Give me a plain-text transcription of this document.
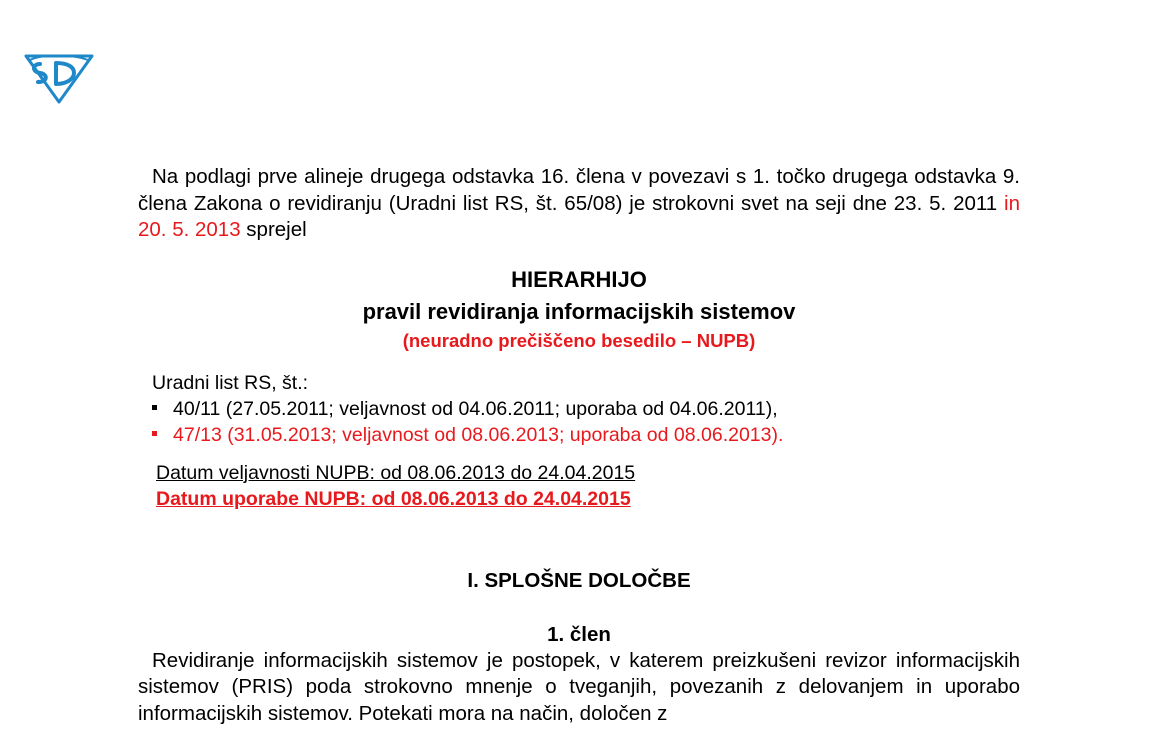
Na podlagi prve alineje drugega odstavka 16. člena v povezavi s 1. točko drugega odstavka 9. člena Zakona o revidiranju (Uradni list RS, št. 65/08) je strokovni svet na seji dne 23. 5. 2011 in 20. 5. 2013 sprejel

HIERARHIJO
pravil revidiranja informacijskih sistemov
(neuradno prečiščeno besedilo – NUPB)
Uradni list RS, št.:
40/11 (27.05.2011; veljavnost od 04.06.2011; uporaba od 04.06.2011),
47/13 (31.05.2013; veljavnost od 08.06.2013; uporaba od 08.06.2013).
Datum veljavnosti NUPB: od 08.06.2013 do 24.04.2015
Datum uporabe NUPB: od 08.06.2013 do 24.04.2015
I. SPLOŠNE DOLOČBE
1. člen

Revidiranje informacijskih sistemov je postopek, v katerem preizkušeni revizor informacijskih sistemov (PRIS) poda strokovno mnenje o tveganjih, povezanih z delovanjem in uporabo informacijskih sistemov. Potekati mora na način, določen z
